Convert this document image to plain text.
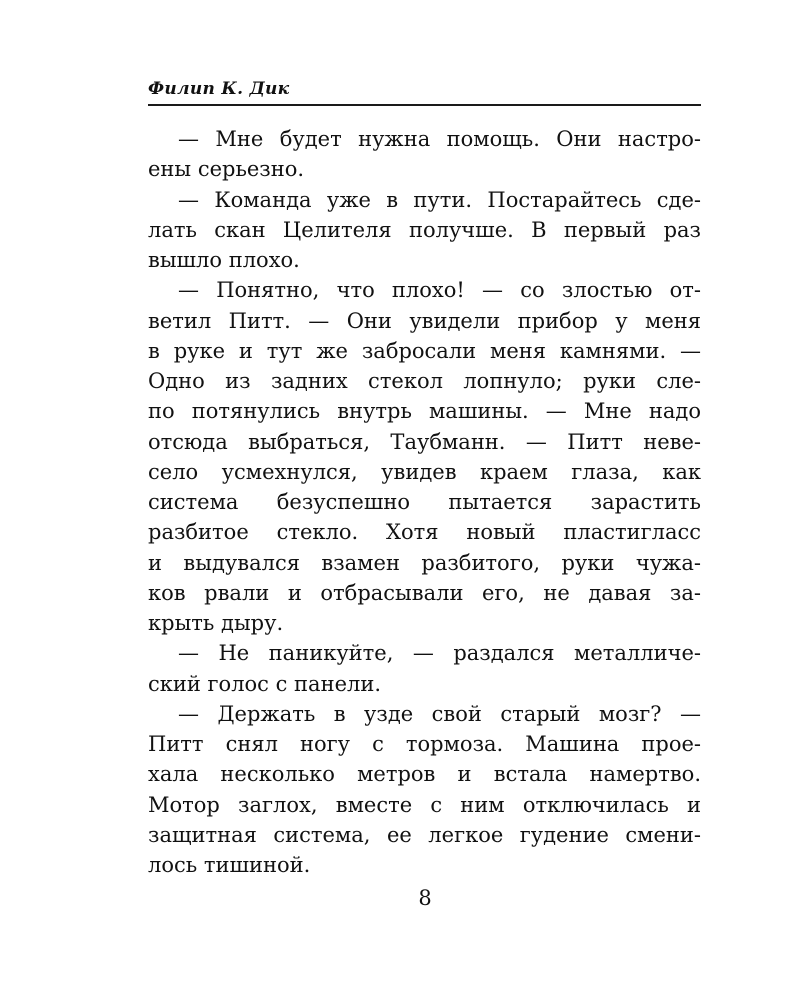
Филип К. Дик
— Мне будет нужна помощь. Они настро-
ены серьезно.
— Команда уже в пути. Постарайтесь сде-
лать скан Целителя получше. В первый раз
вышло плохо.
— Понятно, что плохо! — со злостью от-
ветил Питт. — Они увидели прибор у меня
в руке и тут же забросали меня камнями. —
Одно из задних стекол лопнуло; руки сле-
по потянулись внутрь машины. — Мне надо
отсюда выбраться, Таубманн. — Питт неве-
село усмехнулся, увидев краем глаза, как
система безуспешно пытается зарастить
разбитое стекло. Хотя новый пластигласс
и выдувался взамен разбитого, руки чужа-
ков рвали и отбрасывали его, не давая за-
крыть дыру.
— Не паникуйте, — раздался металличе-
ский голос с панели.
— Держать в узде свой старый мозг? —
Питт снял ногу с тормоза. Машина прое-
хала несколько метров и встала намертво.
Мотор заглох, вместе с ним отключилась и
защитная система, ее легкое гудение смени-
лось тишиной.
8
